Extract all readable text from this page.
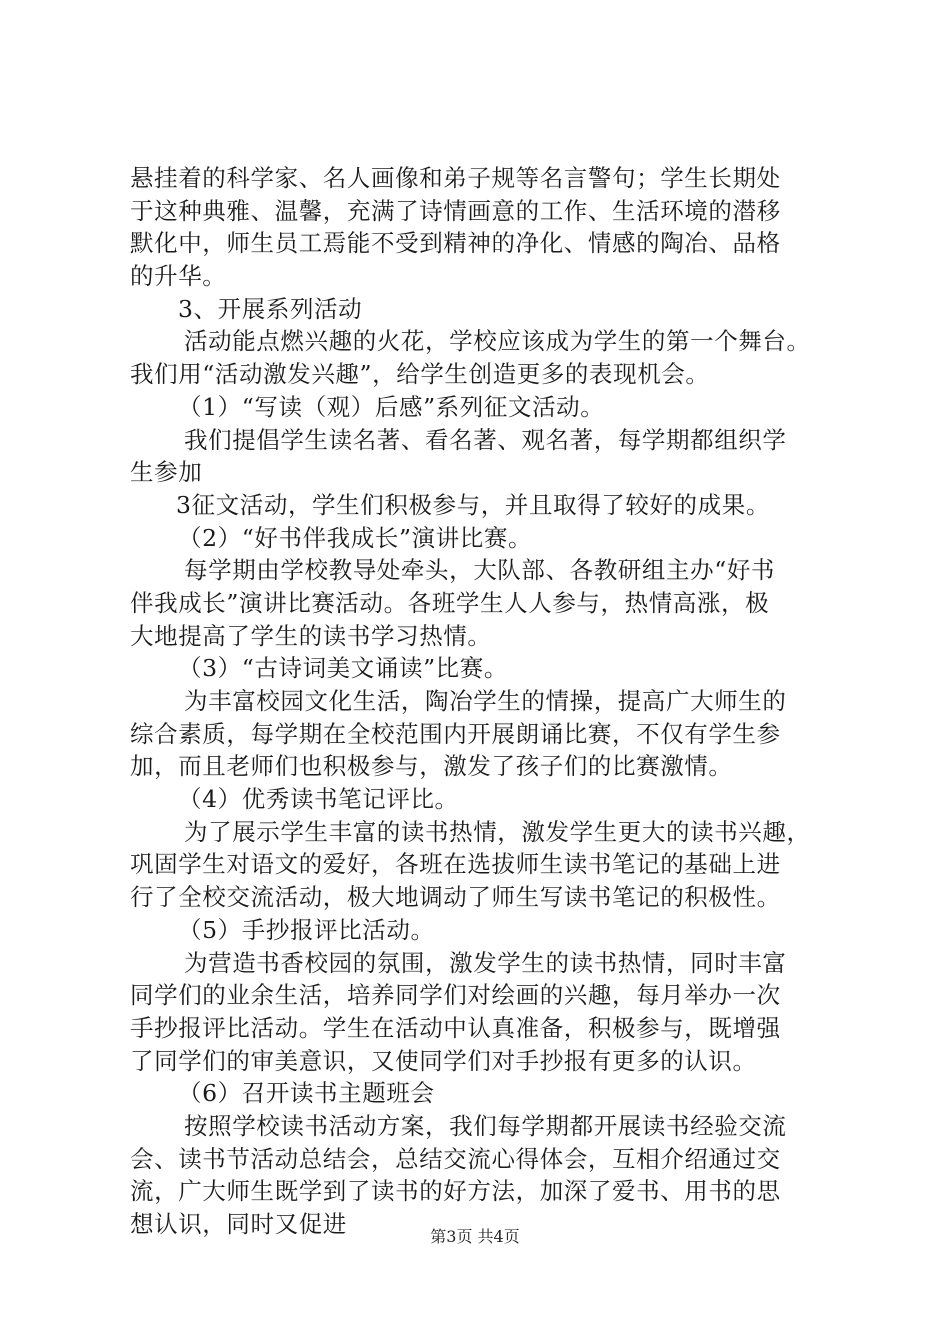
悬挂着的科学家、名人画像和弟子规等名言警句；学生长期处
于这种典雅、温馨，充满了诗情画意的工作、生活环境的潜移
默化中，师生员工焉能不受到精神的净化、情感的陶冶、品格
的升华。
3、开展系列活动
活动能点燃兴趣的火花，学校应该成为学生的第一个舞台。
我们用“活动激发兴趣”，给学生创造更多的表现机会。
（1）“写读（观）后感”系列征文活动。
我们提倡学生读名著、看名著、观名著，每学期都组织学
生参加
3征文活动，学生们积极参与，并且取得了较好的成果。
（2）“好书伴我成长”演讲比赛。
每学期由学校教导处牵头，大队部、各教研组主办“好书
伴我成长”演讲比赛活动。各班学生人人参与，热情高涨，极
大地提高了学生的读书学习热情。
（3）“古诗词美文诵读”比赛。
为丰富校园文化生活，陶冶学生的情操，提高广大师生的
综合素质，每学期在全校范围内开展朗诵比赛，不仅有学生参
加，而且老师们也积极参与，激发了孩子们的比赛激情。
（4）优秀读书笔记评比。
为了展示学生丰富的读书热情，激发学生更大的读书兴趣，
巩固学生对语文的爱好，各班在选拔师生读书笔记的基础上进
行了全校交流活动，极大地调动了师生写读书笔记的积极性。
（5）手抄报评比活动。
为营造书香校园的氛围，激发学生的读书热情，同时丰富
同学们的业余生活，培养同学们对绘画的兴趣，每月举办一次
手抄报评比活动。学生在活动中认真准备，积极参与，既增强
了同学们的审美意识，又使同学们对手抄报有更多的认识。
（6）召开读书主题班会
按照学校读书活动方案，我们每学期都开展读书经验交流
会、读书节活动总结会，总结交流心得体会，互相介绍通过交
流，广大师生既学到了读书的好方法，加深了爱书、用书的思
想认识，同时又促进	第3页 共4页
